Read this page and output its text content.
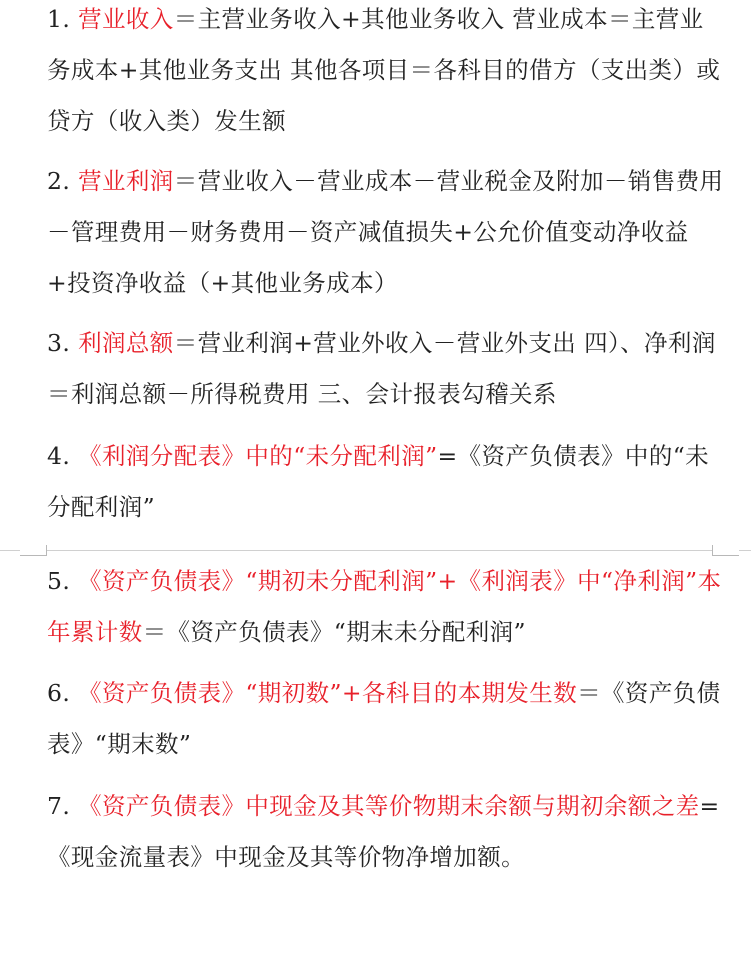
1. 营业收入＝主营业务收入+其他业务收入 营业成本＝主营业务成本+其他业务支出 其他各项目＝各科目的借方（支出类）或贷方（收入类）发生额

2. 营业利润＝营业收入－营业成本－营业税金及附加－销售费用－管理费用－财务费用－资产减值损失+公允价值变动净收益+投资净收益（+其他业务成本）

3. 利润总额＝营业利润+营业外收入－营业外支出 四）、净利润＝利润总额－所得税费用 三、会计报表勾稽关系

4. 《利润分配表》中的“未分配利润”=《资产负债表》中的“未分配利润”

5. 《资产负债表》“期初未分配利润”+《利润表》中“净利润”本年累计数＝《资产负债表》“期末未分配利润”

6. 《资产负债表》“期初数”+各科目的本期发生数＝《资产负债表》“期末数”

7. 《资产负债表》中现金及其等价物期末余额与期初余额之差=《现金流量表》中现金及其等价物净增加额。
